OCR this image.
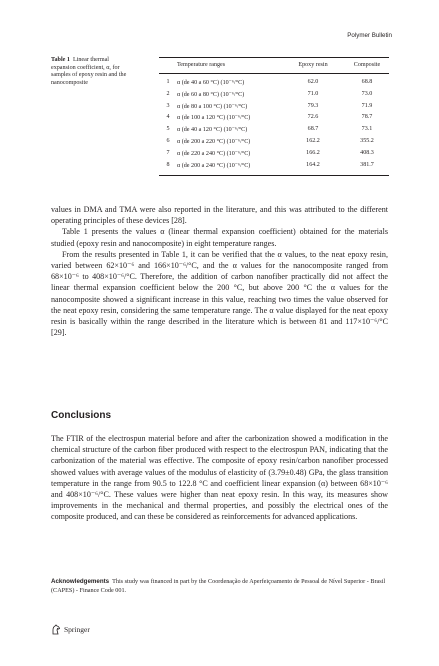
Polymer Bulletin
Table 1 Linear thermal expansion coefficient, α, for samples of epoxy resin and the nanocomposite
Temperature ranges	Epoxy resin	Composite
1	α (de 40 a 60 °C) (10⁻⁶/°C)	62.0	68.8
2	α (de 60 a 80 °C) (10⁻⁶/°C)	71.0	73.0
3	α (de 80 a 100 °C) (10⁻⁶/°C)	79.3	71.9
4	α (de 100 a 120 °C) (10⁻⁶/°C)	72.6	78.7
5	α (de 40 a 120 °C) (10⁻⁶/°C)	68.7	73.1
6	α (de 200 a 220 °C) (10⁻⁶/°C)	162.2	355.2
7	α (de 220 a 240 °C) (10⁻⁶/°C)	166.2	408.3
8	α (de 200 a 240 °C) (10⁻⁶/°C)	164.2	381.7

values in DMA and TMA were also reported in the literature, and this was attributed to the different operating principles of these devices [28].

Table 1 presents the values α (linear thermal expansion coefficient) obtained for the materials studied (epoxy resin and nanocomposite) in eight temperature ranges.

From the results presented in Table 1, it can be verified that the α values, to the neat epoxy resin, varied between 62×10⁻⁶ and 166×10⁻⁶/°C, and the α values for the nanocomposite ranged from 68×10⁻⁶ to 408×10⁻⁶/°C. Therefore, the addition of carbon nanofiber practically did not affect the linear thermal expansion coefficient below the 200 °C, but above 200 °C the α values for the nanocomposite showed a significant increase in this value, reaching two times the value observed for the neat epoxy resin, considering the same temperature range. The α value displayed for the neat epoxy resin is basically within the range described in the literature which is between 81 and 117×10⁻⁶/°C [29].

Conclusions

The FTIR of the electrospun material before and after the carbonization showed a modification in the chemical structure of the carbon fiber produced with respect to the electrospun PAN, indicating that the carbonization of the material was effective. The composite of epoxy resin/carbon nanofiber processed showed values with average values of the modulus of elasticity of (3.79±0.48) GPa, the glass transition temperature in the range from 90.5 to 122.8 °C and coefficient linear expansion (α) between 68×10⁻⁶ and 408×10⁻⁶/°C. These values were higher than neat epoxy resin. In this way, its measures show improvements in the mechanical and thermal properties, and possibly the electrical ones of the composite produced, and can these be considered as reinforcements for advanced applications.

Acknowledgements This study was financed in part by the Coordenação de Aperfeiçoamento de Pessoal de Nível Superior - Brasil (CAPES) - Finance Code 001.
Springer
